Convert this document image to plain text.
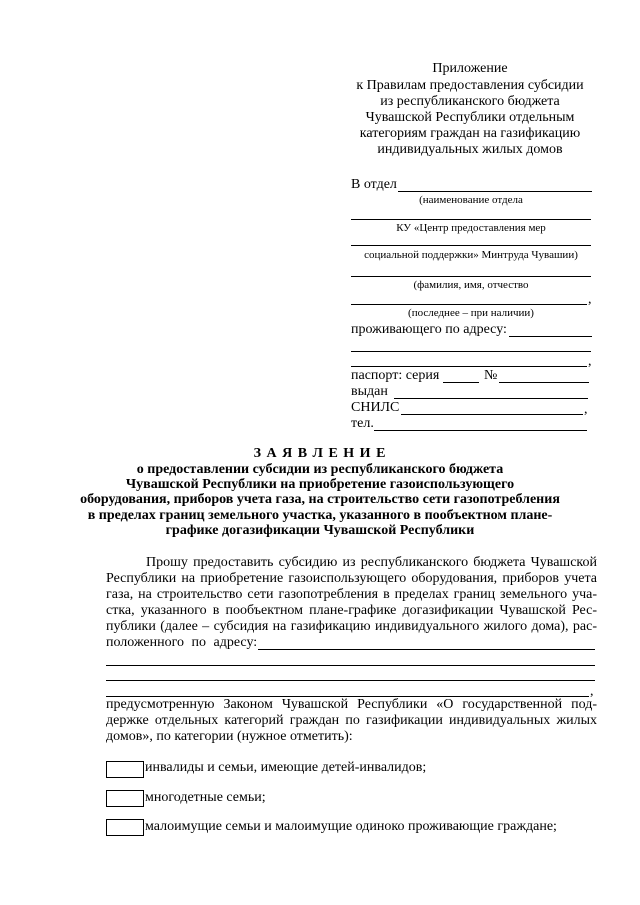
Приложение
к Правилам предоставления субсидии
из республиканского бюджета
Чувашской Республики отдельным
категориям граждан на газификацию
индивидуальных жилых домов
В отдел
(наименование отдела
КУ «Центр предоставления мер
социальной поддержки» Минтруда Чувашии)
(фамилия, имя, отчество
,
(последнее – при наличии)
проживающего по адресу:
,
паспорт: серия	№
выдан
СНИЛС	,
тел.
З А Я В Л Е Н И Е
о предоставлении субсидии из республиканского бюджета
Чувашской Республики на приобретение газоиспользующего
оборудования, приборов учета газа, на строительство сети газопотребления
в пределах границ земельного участка, указанного в пообъектном плане-
графике догазификации Чувашской Республики
Прошу предоставить субсидию из республиканского бюджета Чувашской
Республики на приобретение газоиспользующего оборудования, приборов учета
газа, на строительство сети газопотребления в пределах границ земельного уча-
стка, указанного в пообъектном плане-графике догазификации Чувашской Рес-
публики (далее – субсидия на газификацию индивидуального жилого дома), рас-
положенного по адресу:
,
предусмотренную Законом Чувашской Республики «О государственной под-
держке отдельных категорий граждан по газификации индивидуальных жилых
домов», по категории (нужное отметить):
инвалиды и семьи, имеющие детей-инвалидов;
многодетные семьи;
малоимущие семьи и малоимущие одиноко проживающие граждане;
